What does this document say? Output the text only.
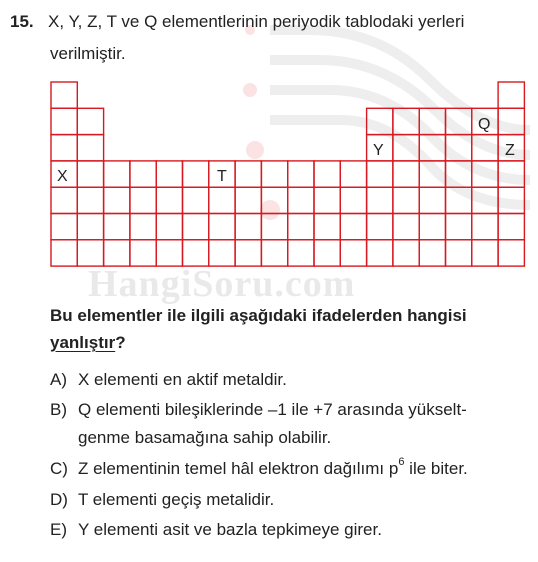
HangiSoru.com
15. X, Y, Z, T ve Q elementlerinin periyodik tablodaki yerleri
verilmiştir.
X	T
Y
Q
Z
Bu elementler ile ilgili aşağıdaki ifadelerden hangisi
yanlıştır?
A) X elementi en aktif metaldir.
B) Q elementi bileşiklerinde –1 ile +7 arasında yükselt-
genme basamağına sahip olabilir.
C) Z elementinin temel hâl elektron dağılımı $p^6$ ile biter.
D) T elementi geçiş metalidir.
E) Y elementi asit ve bazla tepkimeye girer.
